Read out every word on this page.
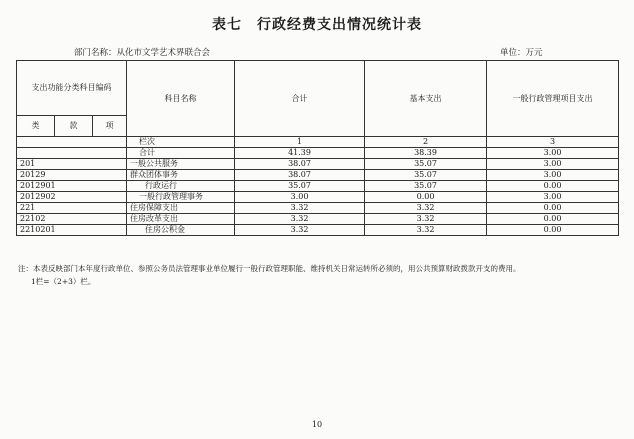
表七　行政经费支出情况统计表
部门名称：从化市文学艺术界联合会	单位：万元
支出功能分类科目编码			科目名称	合计	基本支出	一般行政管理项目支出
类	款	项				
			栏次	1	2	3
			合计	41.39	38.39	3.00
201			一般公共服务	38.07	35.07	3.00
20129			群众团体事务	38.07	35.07	3.00
2012901			行政运行	35.07	35.07	0.00
2012902			一般行政管理事务	3.00	0.00	3.00
221			住房保障支出	3.32	3.32	0.00
22102			住房改革支出	3.32	3.32	0.00
2210201			住房公积金	3.32	3.32	0.00
注：本表反映部门本年度行政单位、参照公务员法管理事业单位履行一般行政管理职能、维持机关日常运转所必须的，用公共预算财政拨款开支的费用。
1栏=（2+3）栏。
10
